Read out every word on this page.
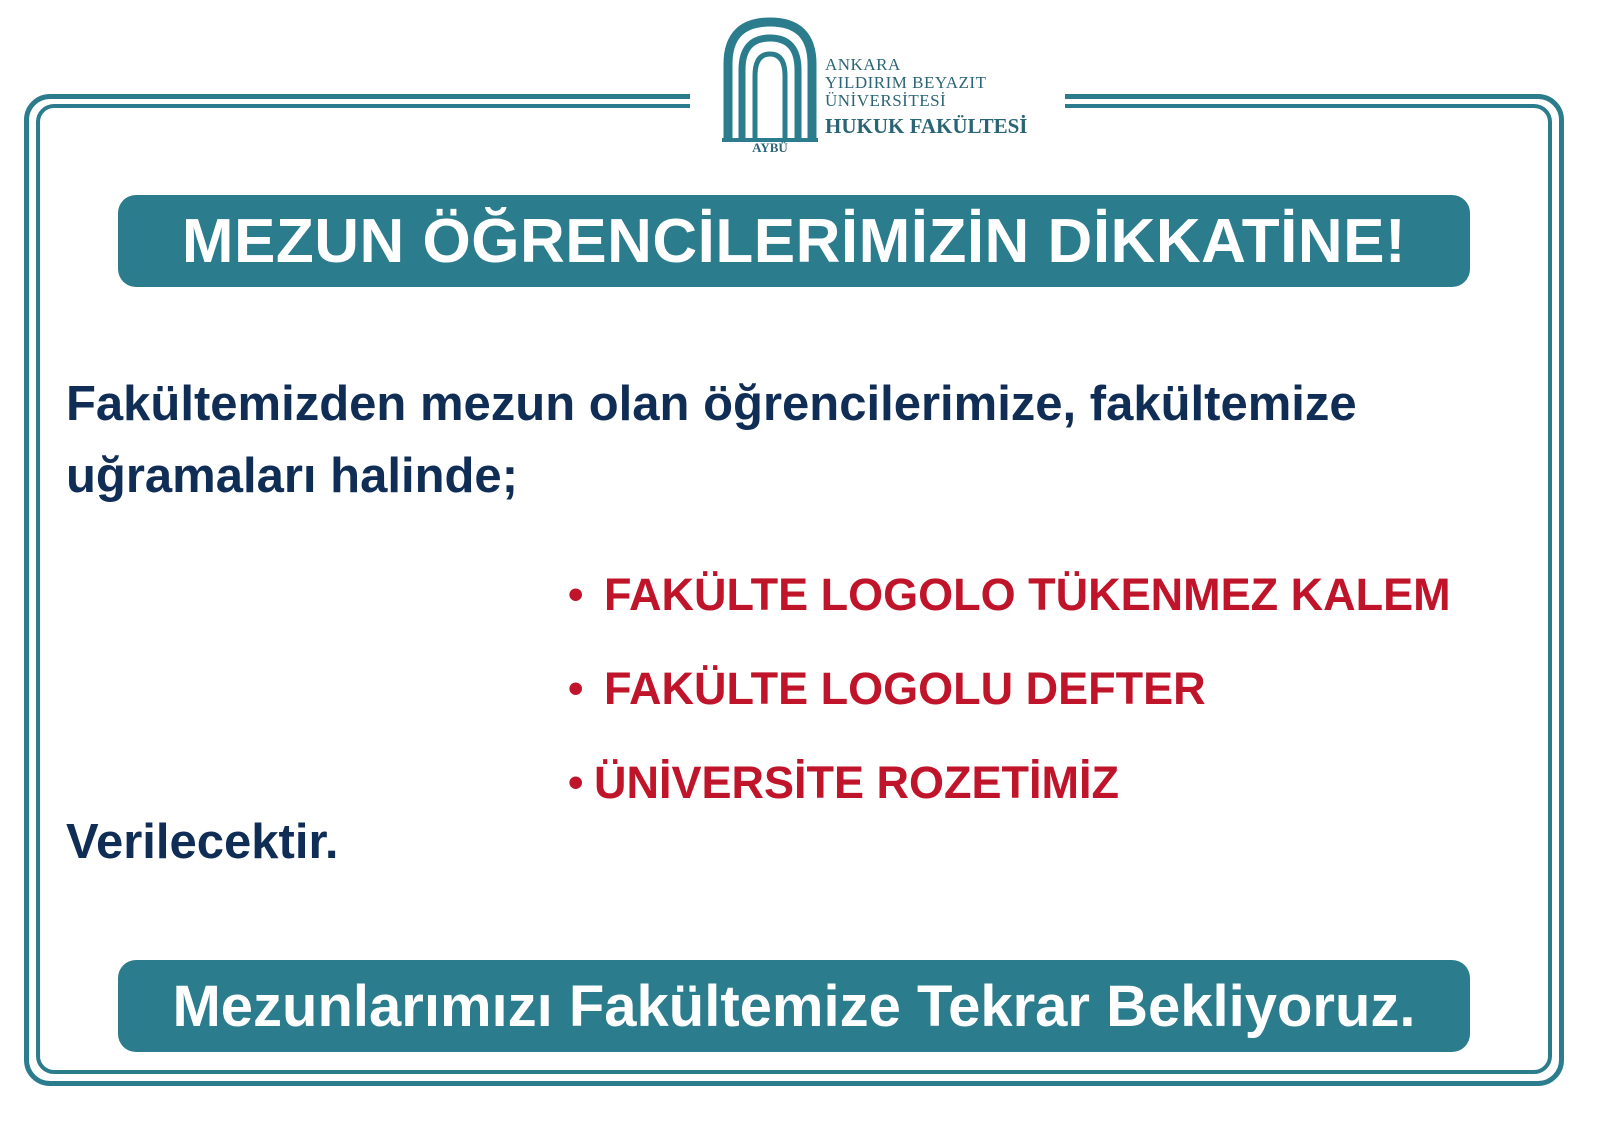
AYBÜ
ANKARA
YILDIRIM BEYAZIT
ÜNİVERSİTESİ
HUKUK FAKÜLTESİ
MEZUN ÖĞRENCİLERİMİZİN DİKKATİNE!
Fakültemizden mezun olan öğrencilerimize, fakültemize uğramaları halinde;
• FAKÜLTE LOGOLO TÜKENMEZ KALEM
• FAKÜLTE LOGOLU DEFTER
• ÜNİVERSİTE ROZETİMİZ
Verilecektir.
Mezunlarımızı Fakültemize Tekrar Bekliyoruz.
